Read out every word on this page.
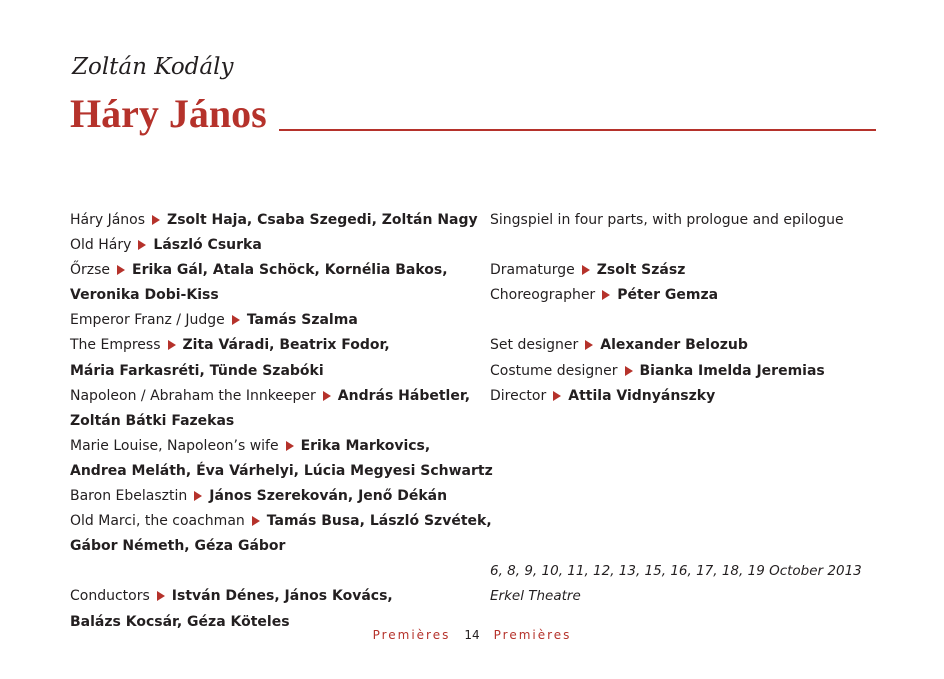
Zoltán Kodály
Háry János
Háry János Zsolt Haja, Csaba Szegedi, Zoltán Nagy
Old Háry László Csurka
Őrzse Erika Gál, Atala Schöck, Kornélia Bakos,
Veronika Dobi-Kiss
Emperor Franz / Judge Tamás Szalma
The Empress Zita Váradi, Beatrix Fodor,
Mária Farkasréti, Tünde Szabóki
Napoleon / Abraham the Innkeeper András Hábetler,
Zoltán Bátki Fazekas
Marie Louise, Napoleon’s wife Erika Markovics,
Andrea Meláth, Éva Várhelyi, Lúcia Megyesi Schwartz
Baron Ebelasztin János Szerekován, Jenő Dékán
Old Marci, the coachman Tamás Busa, László Szvétek,
Gábor Németh, Géza Gábor
Conductors István Dénes, János Kovács,
Balázs Kocsár, Géza Köteles
Singspiel in four parts, with prologue and epilogue
Dramaturge Zsolt Szász
Choreographer Péter Gemza
Set designer Alexander Belozub
Costume designer Bianka Imelda Jeremias
Director Attila Vidnyánszky
6, 8, 9, 10, 11, 12, 13, 15, 16, 17, 18, 19 October 2013
Erkel Theatre
Premières 14 Premières
